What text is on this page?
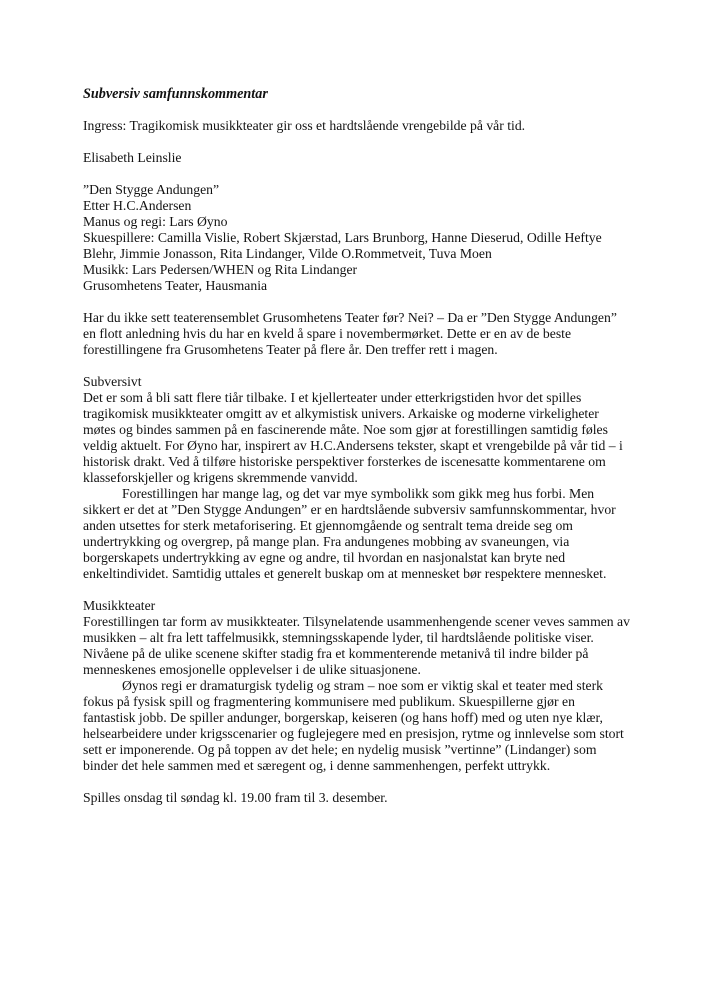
Subversiv samfunnskommentar

Ingress: Tragikomisk musikkteater gir oss et hardtslående vrengebilde på vår tid.

Elisabeth Leinslie

”Den Stygge Andungen”
Etter H.C.Andersen
Manus og regi: Lars Øyno
Skuespillere: Camilla Vislie, Robert Skjærstad, Lars Brunborg, Hanne Dieserud, Odille Heftye Blehr, Jimmie Jonasson, Rita Lindanger, Vilde O.Rommetveit, Tuva Moen
Musikk: Lars Pedersen/WHEN og Rita Lindanger
Grusomhetens Teater, Hausmania

Har du ikke sett teaterensemblet Grusomhetens Teater før? Nei? – Da er ”Den Stygge Andungen” en flott anledning hvis du har en kveld å spare i novembermørket. Dette er en av de beste forestillingene fra Grusomhetens Teater på flere år. Den treffer rett i magen.

Subversivt

Det er som å bli satt flere tiår tilbake. I et kjellerteater under etterkrigstiden hvor det spilles tragikomisk musikkteater omgitt av et alkymistisk univers. Arkaiske og moderne virkeligheter møtes og bindes sammen på en fascinerende måte. Noe som gjør at forestillingen samtidig føles veldig aktuelt. For Øyno har, inspirert av H.C.Andersens tekster, skapt et vrengebilde på vår tid – i historisk drakt. Ved å tilføre historiske perspektiver forsterkes de iscenesatte kommentarene om klasseforskjeller og krigens skremmende vanvidd.

Forestillingen har mange lag, og det var mye symbolikk som gikk meg hus forbi. Men sikkert er det at ”Den Stygge Andungen” er en hardtslående subversiv samfunnskommentar, hvor anden utsettes for sterk metaforisering. Et gjennomgående og sentralt tema dreide seg om undertrykking og overgrep, på mange plan. Fra andungenes mobbing av svaneungen, via borgerskapets undertrykking av egne og andre, til hvordan en nasjonalstat kan bryte ned enkeltindividet. Samtidig uttales et generelt buskap om at mennesket bør respektere mennesket.

Musikkteater

Forestillingen tar form av musikkteater. Tilsynelatende usammenhengende scener veves sammen av musikken – alt fra lett taffelmusikk, stemningsskapende lyder, til hardtslående politiske viser. Nivåene på de ulike scenene skifter stadig fra et kommenterende metanivå til indre bilder på menneskenes emosjonelle opplevelser i de ulike situasjonene.

Øynos regi er dramaturgisk tydelig og stram – noe som er viktig skal et teater med sterk fokus på fysisk spill og fragmentering kommunisere med publikum. Skuespillerne gjør en fantastisk jobb. De spiller andunger, borgerskap, keiseren (og hans hoff) med og uten nye klær, helsearbeidere under krigsscenarier og fuglejegere med en presisjon, rytme og innlevelse som stort sett er imponerende. Og på toppen av det hele; en nydelig musisk ”vertinne” (Lindanger) som binder det hele sammen med et særegent og, i denne sammenhengen, perfekt uttrykk.

Spilles onsdag til søndag kl. 19.00 fram til 3. desember.
